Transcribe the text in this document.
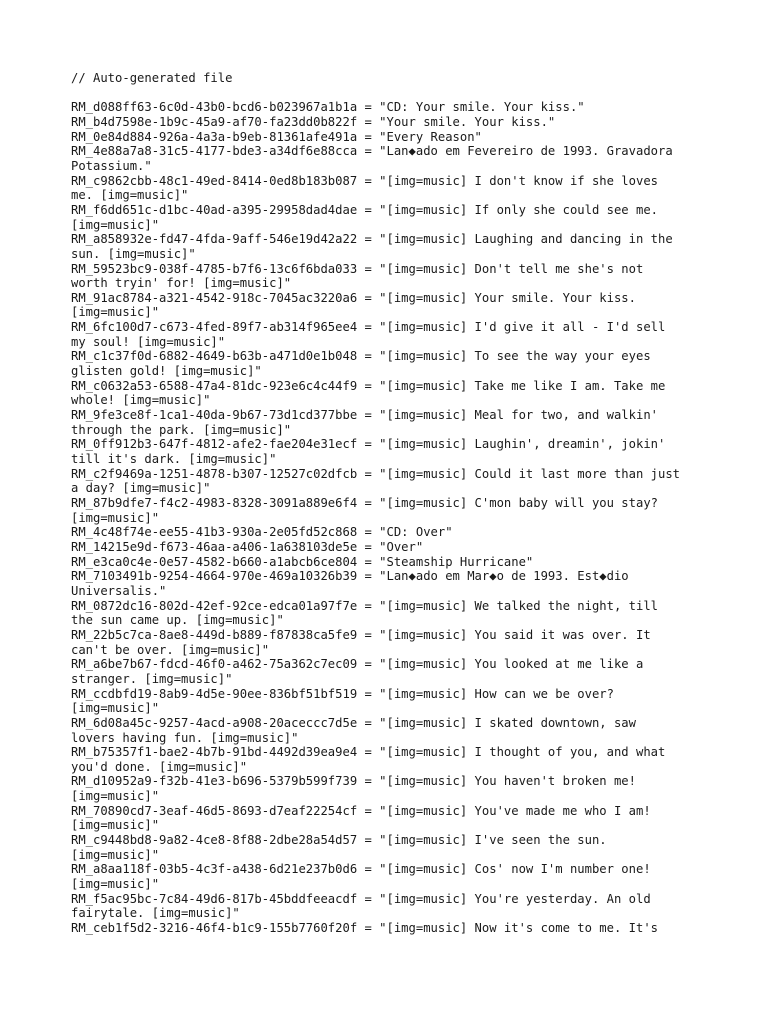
// Auto-generated file
RM_d088ff63-6c0d-43b0-bcd6-b023967a1b1a = "CD: Your smile. Your kiss."
RM_b4d7598e-1b9c-45a9-af70-fa23dd0b822f = "Your smile. Your kiss."
RM_0e84d884-926a-4a3a-b9eb-81361afe491a = "Every Reason"
RM_4e88a7a8-31c5-4177-bde3-a34df6e88cca = "Lan◆ado em Fevereiro de 1993. Gravadora
Potassium."
RM_c9862cbb-48c1-49ed-8414-0ed8b183b087 = "[img=music] I don't know if she loves
me. [img=music]"
RM_f6dd651c-d1bc-40ad-a395-29958dad4dae = "[img=music] If only she could see me.
[img=music]"
RM_a858932e-fd47-4fda-9aff-546e19d42a22 = "[img=music] Laughing and dancing in the
sun. [img=music]"
RM_59523bc9-038f-4785-b7f6-13c6f6bda033 = "[img=music] Don't tell me she's not
worth tryin' for! [img=music]"
RM_91ac8784-a321-4542-918c-7045ac3220a6 = "[img=music] Your smile. Your kiss.
[img=music]"
RM_6fc100d7-c673-4fed-89f7-ab314f965ee4 = "[img=music] I'd give it all - I'd sell
my soul! [img=music]"
RM_c1c37f0d-6882-4649-b63b-a471d0e1b048 = "[img=music] To see the way your eyes
glisten gold! [img=music]"
RM_c0632a53-6588-47a4-81dc-923e6c4c44f9 = "[img=music] Take me like I am. Take me
whole! [img=music]"
RM_9fe3ce8f-1ca1-40da-9b67-73d1cd377bbe = "[img=music] Meal for two, and walkin'
through the park. [img=music]"
RM_0ff912b3-647f-4812-afe2-fae204e31ecf = "[img=music] Laughin', dreamin', jokin'
till it's dark. [img=music]"
RM_c2f9469a-1251-4878-b307-12527c02dfcb = "[img=music] Could it last more than just
a day? [img=music]"
RM_87b9dfe7-f4c2-4983-8328-3091a889e6f4 = "[img=music] C'mon baby will you stay?
[img=music]"
RM_4c48f74e-ee55-41b3-930a-2e05fd52c868 = "CD: Over"
RM_14215e9d-f673-46aa-a406-1a638103de5e = "Over"
RM_e3ca0c4e-0e57-4582-b660-a1abcb6ce804 = "Steamship Hurricane"
RM_7103491b-9254-4664-970e-469a10326b39 = "Lan◆ado em Mar◆o de 1993. Est◆dio
Universalis."
RM_0872dc16-802d-42ef-92ce-edca01a97f7e = "[img=music] We talked the night, till
the sun came up. [img=music]"
RM_22b5c7ca-8ae8-449d-b889-f87838ca5fe9 = "[img=music] You said it was over. It
can't be over. [img=music]"
RM_a6be7b67-fdcd-46f0-a462-75a362c7ec09 = "[img=music] You looked at me like a
stranger. [img=music]"
RM_ccdbfd19-8ab9-4d5e-90ee-836bf51bf519 = "[img=music] How can we be over?
[img=music]"
RM_6d08a45c-9257-4acd-a908-20aceccc7d5e = "[img=music] I skated downtown, saw
lovers having fun. [img=music]"
RM_b75357f1-bae2-4b7b-91bd-4492d39ea9e4 = "[img=music] I thought of you, and what
you'd done. [img=music]"
RM_d10952a9-f32b-41e3-b696-5379b599f739 = "[img=music] You haven't broken me!
[img=music]"
RM_70890cd7-3eaf-46d5-8693-d7eaf22254cf = "[img=music] You've made me who I am!
[img=music]"
RM_c9448bd8-9a82-4ce8-8f88-2dbe28a54d57 = "[img=music] I've seen the sun.
[img=music]"
RM_a8aa118f-03b5-4c3f-a438-6d21e237b0d6 = "[img=music] Cos' now I'm number one!
[img=music]"
RM_f5ac95bc-7c84-49d6-817b-45bddfeeacdf = "[img=music] You're yesterday. An old
fairytale. [img=music]"
RM_ceb1f5d2-3216-46f4-b1c9-155b7760f20f = "[img=music] Now it's come to me. It's
